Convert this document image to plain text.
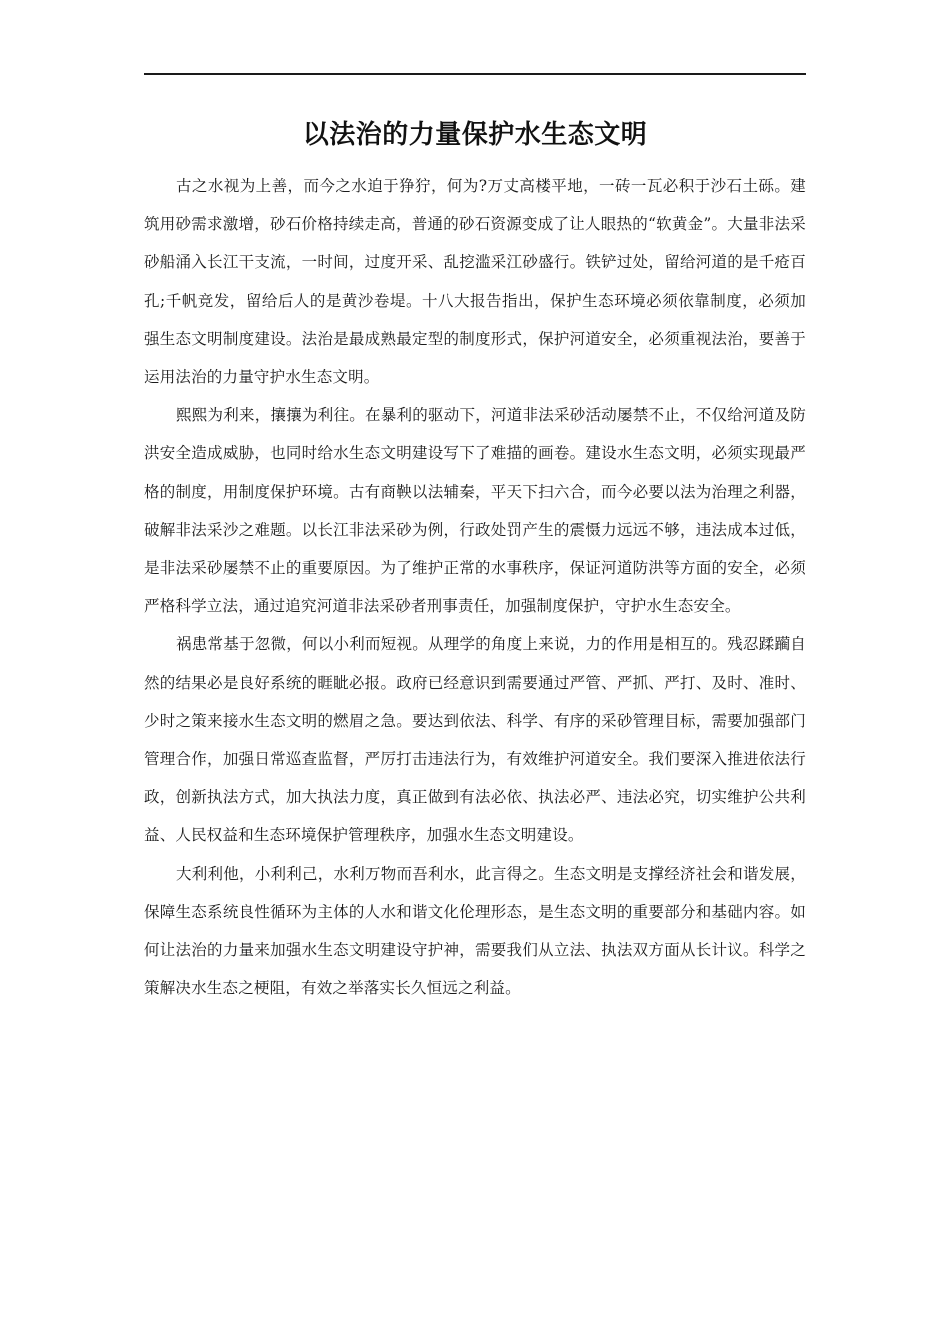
以法治的力量保护水生态文明

古之水视为上善，而今之水迫于狰狞，何为?万丈高楼平地，一砖一瓦必积于沙石土砾。建筑用砂需求激增，砂石价格持续走高，普通的砂石资源变成了让人眼热的“软黄金”。大量非法采砂船涌入长江干支流，一时间，过度开采、乱挖滥采江砂盛行。铁铲过处，留给河道的是千疮百孔;千帆竞发，留给后人的是黄沙卷堤。十八大报告指出，保护生态环境必须依靠制度，必须加强生态文明制度建设。法治是最成熟最定型的制度形式，保护河道安全，必须重视法治，要善于运用法治的力量守护水生态文明。

熙熙为利来，攘攘为利往。在暴利的驱动下，河道非法采砂活动屡禁不止，不仅给河道及防洪安全造成威胁，也同时给水生态文明建设写下了难描的画卷。建设水生态文明，必须实现最严格的制度，用制度保护环境。古有商鞅以法辅秦，平天下扫六合，而今必要以法为治理之利器，破解非法采沙之难题。以长江非法采砂为例，行政处罚产生的震慑力远远不够，违法成本过低，是非法采砂屡禁不止的重要原因。为了维护正常的水事秩序，保证河道防洪等方面的安全，必须严格科学立法，通过追究河道非法采砂者刑事责任，加强制度保护，守护水生态安全。

祸患常基于忽微，何以小利而短视。从理学的角度上来说，力的作用是相互的。残忍蹂躏自然的结果必是良好系统的睚眦必报。政府已经意识到需要通过严管、严抓、严打、及时、准时、少时之策来接水生态文明的燃眉之急。要达到依法、科学、有序的采砂管理目标，需要加强部门管理合作，加强日常巡查监督，严厉打击违法行为，有效维护河道安全。我们要深入推进依法行政，创新执法方式，加大执法力度，真正做到有法必依、执法必严、违法必究，切实维护公共利益、人民权益和生态环境保护管理秩序，加强水生态文明建设。

大利利他，小利利己，水利万物而吾利水，此言得之。生态文明是支撑经济社会和谐发展，保障生态系统良性循环为主体的人水和谐文化伦理形态，是生态文明的重要部分和基础内容。如何让法治的力量来加强水生态文明建设守护神，需要我们从立法、执法双方面从长计议。科学之策解决水生态之梗阻，有效之举落实长久恒远之利益。
